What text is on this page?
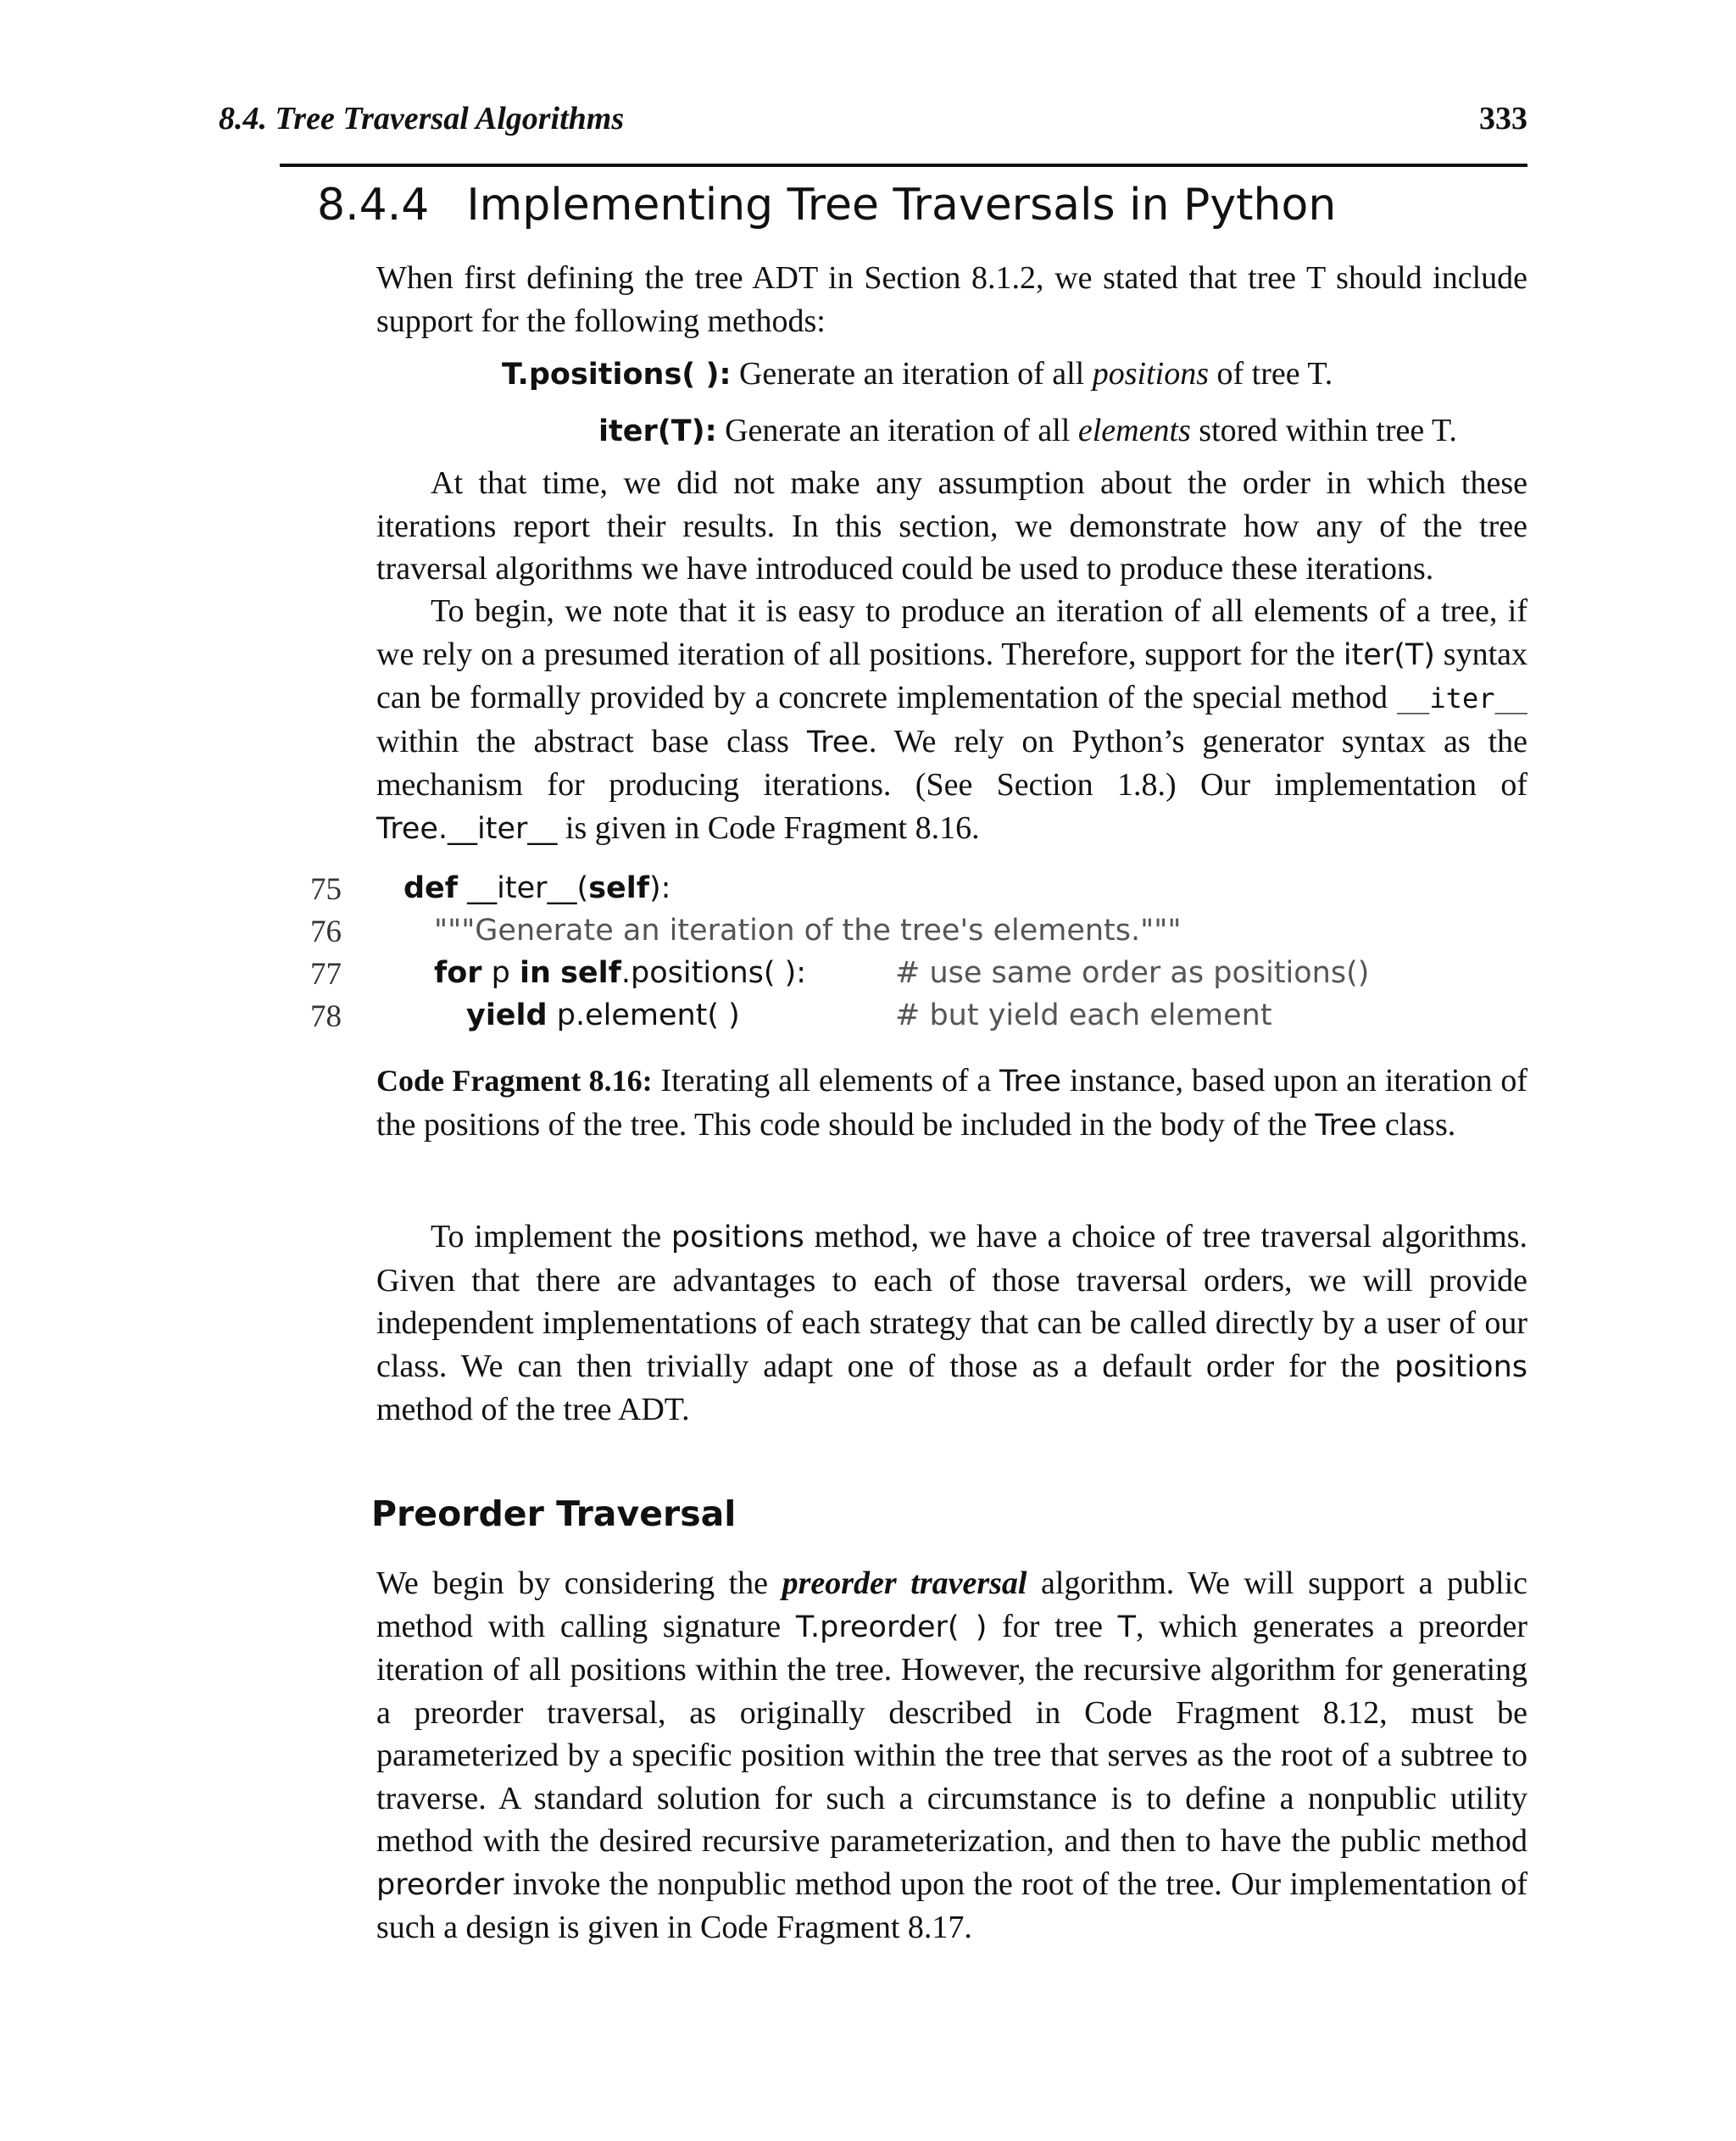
8.4. Tree Traversal Algorithms	333
8.4.4 Implementing Tree Traversals in Python

When first defining the tree ADT in Section 8.1.2, we stated that tree T should include support for the following methods:

T.positions( ): Generate an iteration of all positions of tree T.
iter(T): Generate an iteration of all elements stored within tree T.

At that time, we did not make any assumption about the order in which these iterations report their results. In this section, we demonstrate how any of the tree traversal algorithms we have introduced could be used to produce these iterations.

To begin, we note that it is easy to produce an iteration of all elements of a tree, if we rely on a presumed iteration of all positions. Therefore, support for the iter(T) syntax can be formally provided by a concrete implementation of the special method __iter__ within the abstract base class Tree. We rely on Python’s generator syntax as the mechanism for producing iterations. (See Section 1.8.) Our implementation of Tree.__iter__ is given in Code Fragment 8.16.

75 def __iter__(self):
76	"""Generate an iteration of the tree's elements."""
77	for p in self.positions( ):	# use same order as positions()
78	yield p.element( )	# but yield each element

Code Fragment 8.16: Iterating all elements of a Tree instance, based upon an iteration of the positions of the tree. This code should be included in the body of the Tree class.

To implement the positions method, we have a choice of tree traversal algorithms. Given that there are advantages to each of those traversal orders, we will provide independent implementations of each strategy that can be called directly by a user of our class. We can then trivially adapt one of those as a default order for the positions method of the tree ADT.

Preorder Traversal

We begin by considering the preorder traversal algorithm. We will support a public method with calling signature T.preorder( ) for tree T, which generates a preorder iteration of all positions within the tree. However, the recursive algorithm for generating a preorder traversal, as originally described in Code Fragment 8.12, must be parameterized by a specific position within the tree that serves as the root of a subtree to traverse. A standard solution for such a circumstance is to define a nonpublic utility method with the desired recursive parameterization, and then to have the public method preorder invoke the nonpublic method upon the root of the tree. Our implementation of such a design is given in Code Fragment 8.17.
